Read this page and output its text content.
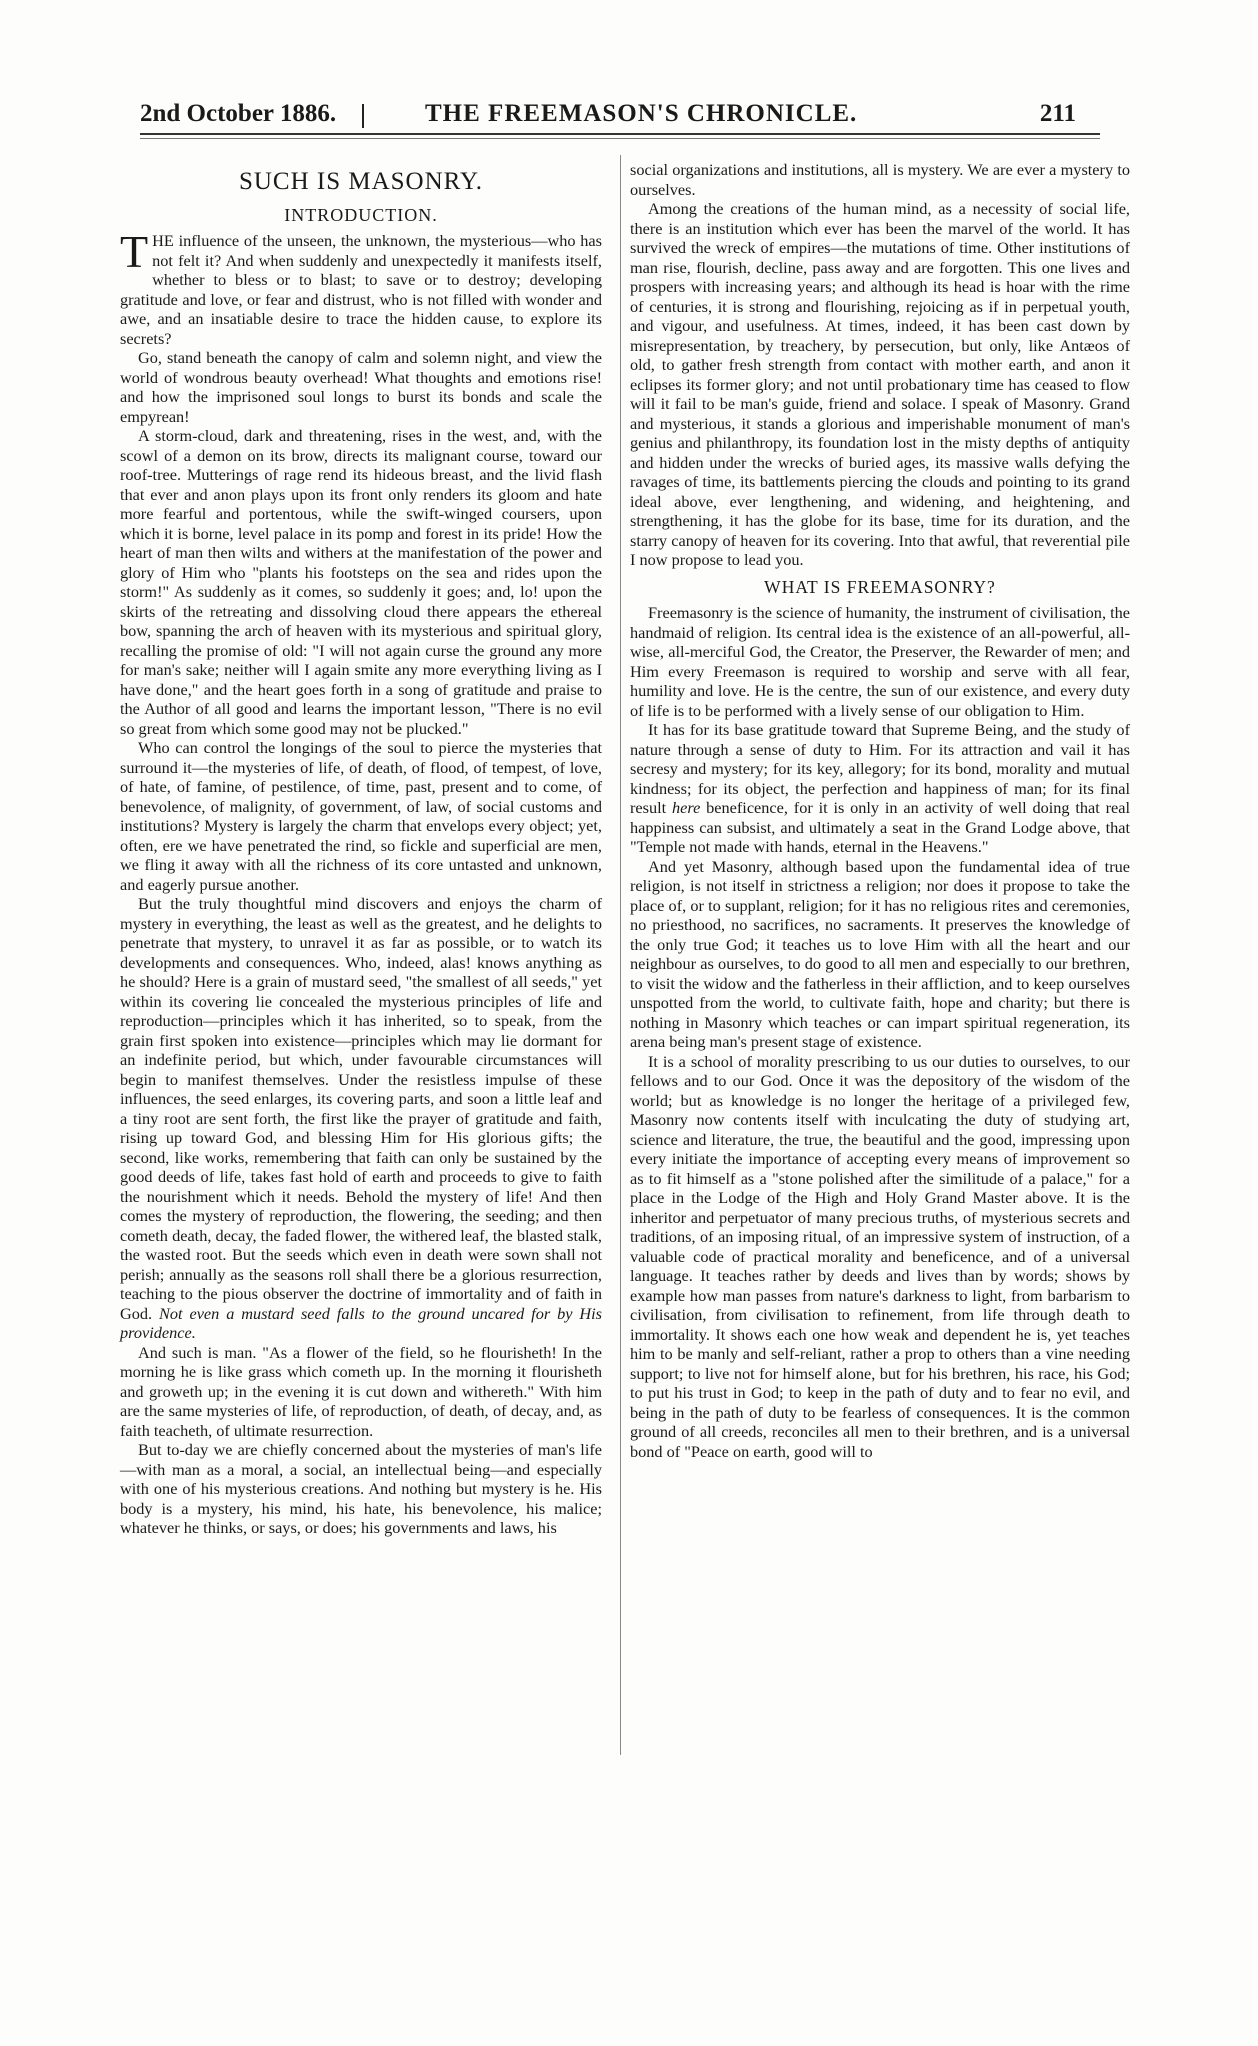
2nd October 1886.	THE FREEMASON'S CHRONICLE.	211
SUCH IS MASONRY.
INTRODUCTION.

THE influence of the unseen, the unknown, the mysterious—who has not felt it? And when suddenly and unexpectedly it manifests itself, whether to bless or to blast; to save or to destroy; developing gratitude and love, or fear and distrust, who is not filled with wonder and awe, and an insatiable desire to trace the hidden cause, to explore its secrets?

Go, stand beneath the canopy of calm and solemn night, and view the world of wondrous beauty overhead! What thoughts and emotions rise! and how the imprisoned soul longs to burst its bonds and scale the empyrean!

A storm-cloud, dark and threatening, rises in the west, and, with the scowl of a demon on its brow, directs its malignant course, toward our roof-tree. Mutterings of rage rend its hideous breast, and the livid flash that ever and anon plays upon its front only renders its gloom and hate more fearful and portentous, while the swift-winged coursers, upon which it is borne, level palace in its pomp and forest in its pride! How the heart of man then wilts and withers at the manifestation of the power and glory of Him who "plants his footsteps on the sea and rides upon the storm!" As suddenly as it comes, so suddenly it goes; and, lo! upon the skirts of the retreating and dissolving cloud there appears the ethereal bow, spanning the arch of heaven with its mysterious and spiritual glory, recalling the promise of old: "I will not again curse the ground any more for man's sake; neither will I again smite any more everything living as I have done," and the heart goes forth in a song of gratitude and praise to the Author of all good and learns the important lesson, "There is no evil so great from which some good may not be plucked."

Who can control the longings of the soul to pierce the mysteries that surround it—the mysteries of life, of death, of flood, of tempest, of love, of hate, of famine, of pestilence, of time, past, present and to come, of benevolence, of malignity, of government, of law, of social customs and institutions? Mystery is largely the charm that envelops every object; yet, often, ere we have penetrated the rind, so fickle and superficial are men, we fling it away with all the richness of its core untasted and unknown, and eagerly pursue another.

But the truly thoughtful mind discovers and enjoys the charm of mystery in everything, the least as well as the greatest, and he delights to penetrate that mystery, to unravel it as far as possible, or to watch its developments and consequences. Who, indeed, alas! knows anything as he should? Here is a grain of mustard seed, "the smallest of all seeds," yet within its covering lie concealed the mysterious principles of life and reproduction—principles which it has inherited, so to speak, from the grain first spoken into existence—principles which may lie dormant for an indefinite period, but which, under favourable circumstances will begin to manifest themselves. Under the resistless impulse of these influences, the seed enlarges, its covering parts, and soon a little leaf and a tiny root are sent forth, the first like the prayer of gratitude and faith, rising up toward God, and blessing Him for His glorious gifts; the second, like works, remembering that faith can only be sustained by the good deeds of life, takes fast hold of earth and proceeds to give to faith the nourishment which it needs. Behold the mystery of life! And then comes the mystery of reproduction, the flowering, the seeding; and then cometh death, decay, the faded flower, the withered leaf, the blasted stalk, the wasted root. But the seeds which even in death were sown shall not perish; annually as the seasons roll shall there be a glorious resurrection, teaching to the pious observer the doctrine of immortality and of faith in God. Not even a mustard seed falls to the ground uncared for by His providence.

And such is man. "As a flower of the field, so he flourisheth! In the morning he is like grass which cometh up. In the morning it flourisheth and groweth up; in the evening it is cut down and withereth." With him are the same mysteries of life, of reproduction, of death, of decay, and, as faith teacheth, of ultimate resurrection.

But to-day we are chiefly concerned about the mysteries of man's life—with man as a moral, a social, an intellectual being—and especially with one of his mysterious creations. And nothing but mystery is he. His body is a mystery, his mind, his hate, his benevolence, his malice; whatever he thinks, or says, or does; his governments and laws, his

social organizations and institutions, all is mystery. We are ever a mystery to ourselves.

Among the creations of the human mind, as a necessity of social life, there is an institution which ever has been the marvel of the world. It has survived the wreck of empires—the mutations of time. Other institutions of man rise, flourish, decline, pass away and are forgotten. This one lives and prospers with increasing years; and although its head is hoar with the rime of centuries, it is strong and flourishing, rejoicing as if in perpetual youth, and vigour, and usefulness. At times, indeed, it has been cast down by misrepresentation, by treachery, by persecution, but only, like Antæos of old, to gather fresh strength from contact with mother earth, and anon it eclipses its former glory; and not until probationary time has ceased to flow will it fail to be man's guide, friend and solace. I speak of Masonry. Grand and mysterious, it stands a glorious and imperishable monument of man's genius and philanthropy, its foundation lost in the misty depths of antiquity and hidden under the wrecks of buried ages, its massive walls defying the ravages of time, its battlements piercing the clouds and pointing to its grand ideal above, ever lengthening, and widening, and heightening, and strengthening, it has the globe for its base, time for its duration, and the starry canopy of heaven for its covering. Into that awful, that reverential pile I now propose to lead you.

WHAT IS FREEMASONRY?

Freemasonry is the science of humanity, the instrument of civilisation, the handmaid of religion. Its central idea is the existence of an all-powerful, all-wise, all-merciful God, the Creator, the Preserver, the Rewarder of men; and Him every Freemason is required to worship and serve with all fear, humility and love. He is the centre, the sun of our existence, and every duty of life is to be performed with a lively sense of our obligation to Him.

It has for its base gratitude toward that Supreme Being, and the study of nature through a sense of duty to Him. For its attraction and vail it has secresy and mystery; for its key, allegory; for its bond, morality and mutual kindness; for its object, the perfection and happiness of man; for its final result here beneficence, for it is only in an activity of well doing that real happiness can subsist, and ultimately a seat in the Grand Lodge above, that "Temple not made with hands, eternal in the Heavens."

And yet Masonry, although based upon the fundamental idea of true religion, is not itself in strictness a religion; nor does it propose to take the place of, or to supplant, religion; for it has no religious rites and ceremonies, no priesthood, no sacrifices, no sacraments. It preserves the knowledge of the only true God; it teaches us to love Him with all the heart and our neighbour as ourselves, to do good to all men and especially to our brethren, to visit the widow and the fatherless in their affliction, and to keep ourselves unspotted from the world, to cultivate faith, hope and charity; but there is nothing in Masonry which teaches or can impart spiritual regeneration, its arena being man's present stage of existence.

It is a school of morality prescribing to us our duties to ourselves, to our fellows and to our God. Once it was the depository of the wisdom of the world; but as knowledge is no longer the heritage of a privileged few, Masonry now contents itself with inculcating the duty of studying art, science and literature, the true, the beautiful and the good, impressing upon every initiate the importance of accepting every means of improvement so as to fit himself as a "stone polished after the similitude of a palace," for a place in the Lodge of the High and Holy Grand Master above. It is the inheritor and perpetuator of many precious truths, of mysterious secrets and traditions, of an imposing ritual, of an impressive system of instruction, of a valuable code of practical morality and beneficence, and of a universal language. It teaches rather by deeds and lives than by words; shows by example how man passes from nature's darkness to light, from barbarism to civilisation, from civilisation to refinement, from life through death to immortality. It shows each one how weak and dependent he is, yet teaches him to be manly and self-reliant, rather a prop to others than a vine needing support; to live not for himself alone, but for his brethren, his race, his God; to put his trust in God; to keep in the path of duty and to fear no evil, and being in the path of duty to be fearless of consequences. It is the common ground of all creeds, reconciles all men to their brethren, and is a universal bond of "Peace on earth, good will to
